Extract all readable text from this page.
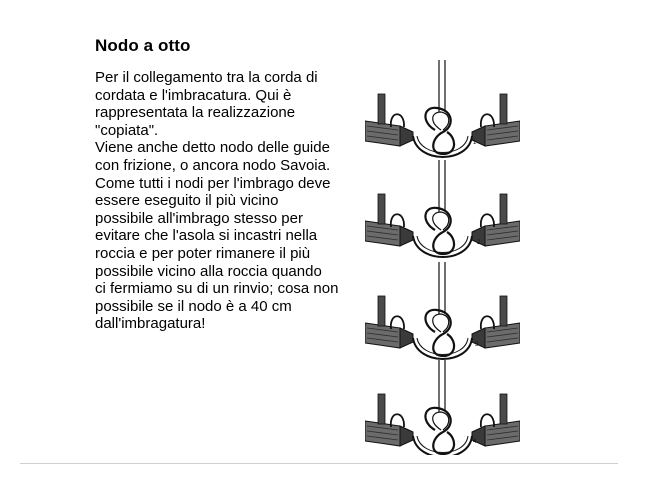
Nodo a otto
Per il collegamento tra la corda di
cordata e l'imbracatura. Qui è
rappresentata la realizzazione
"copiata".
Viene anche detto nodo delle guide
con frizione, o ancora nodo Savoia.
Come tutti i nodi per l'imbrago deve
essere eseguito il più vicino
possibile all'imbrago stesso per
evitare che l'asola si incastri nella
roccia e per poter rimanere il più
possibile vicino alla roccia quando
ci fermiamo su di un rinvio; cosa non
possibile se il nodo è a 40 cm
dall'imbragatura!
1
2
3
4
